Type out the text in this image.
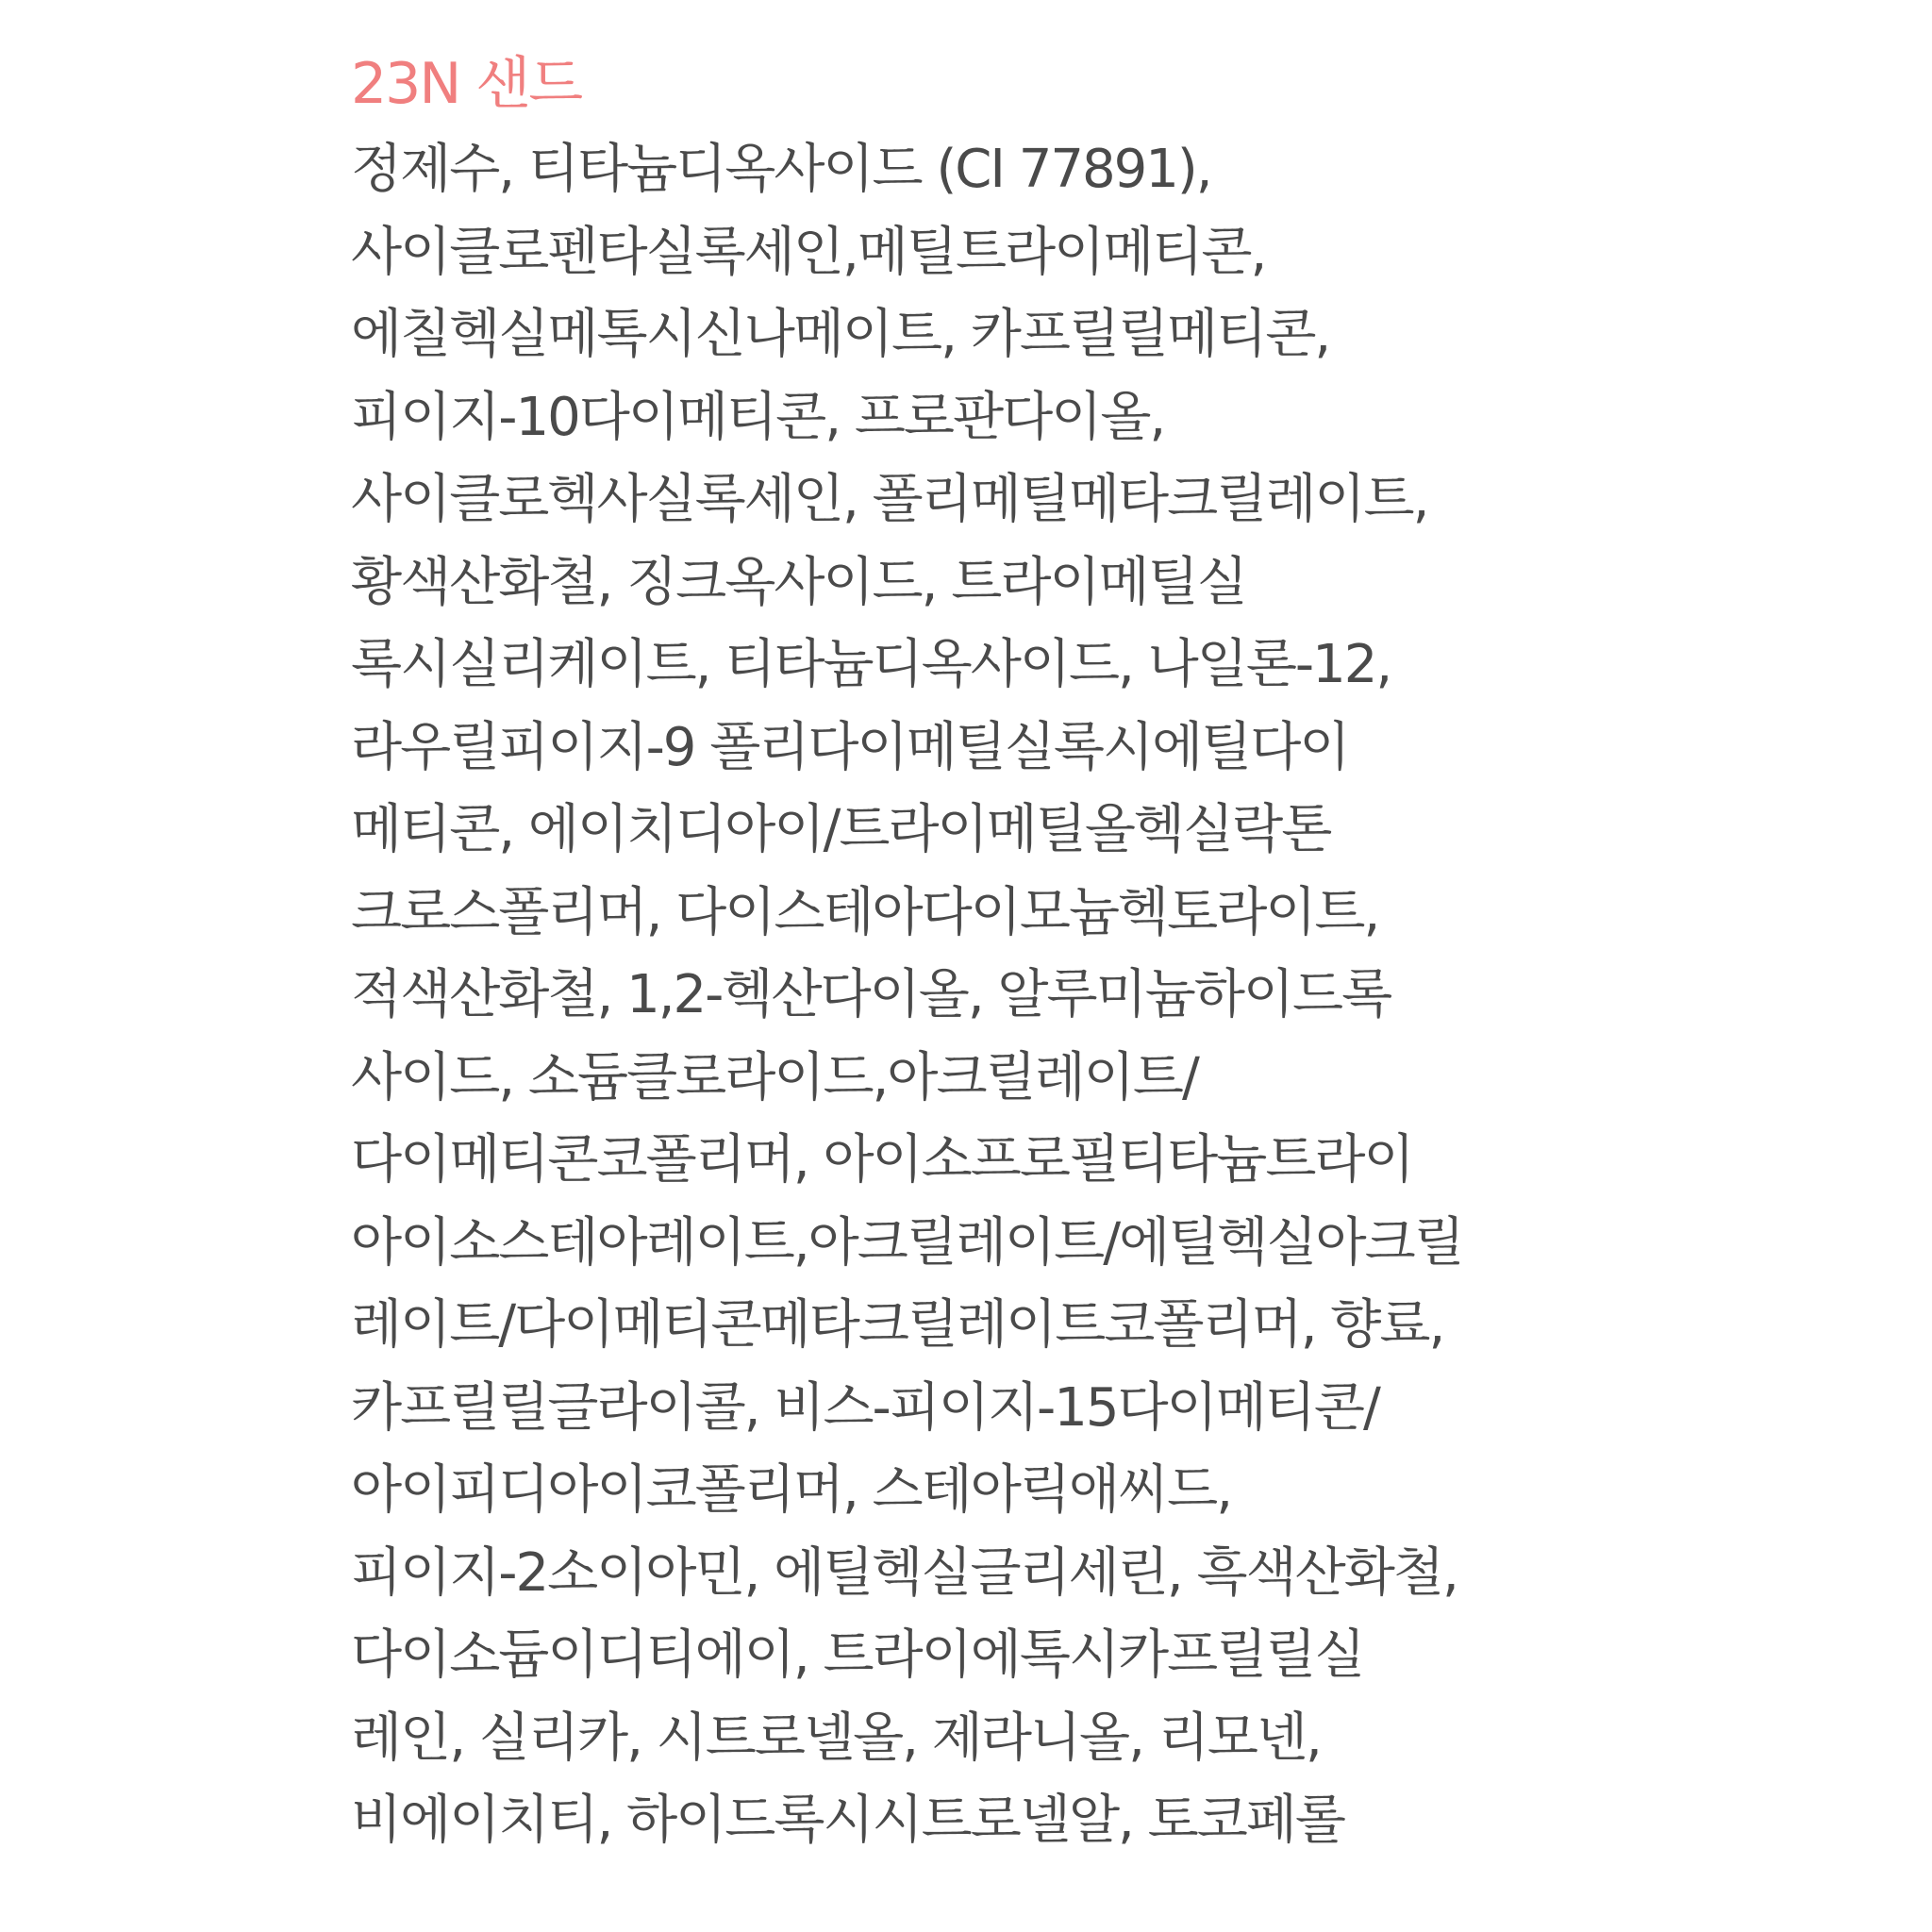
23N 샌드
정제수, 티타늄디옥사이드 (CI 77891),
사이클로펜타실록세인,메틸트라이메티콘,
에칠헥실메톡시신나메이트, 카프릴릴메티콘,
피이지-10다이메티콘, 프로판다이올,
사이클로헥사실록세인, 폴리메틸메타크릴레이트,
황색산화철, 징크옥사이드, 트라이메틸실
록시실리케이트, 티타늄디옥사이드, 나일론-12,
라우릴피이지-9 폴리다이메틸실록시에틸다이
메티콘, 에이치디아이/트라이메틸올헥실락톤
크로스폴리머, 다이스테아다이모늄헥토라이트,
적색산화철, 1,2-헥산다이올, 알루미늄하이드록
사이드, 소듐클로라이드,아크릴레이트/
다이메티콘코폴리머, 아이소프로필티타늄트라이
아이소스테아레이트,아크릴레이트/에틸헥실아크릴
레이트/다이메티콘메타크릴레이트코폴리머, 향료,
카프릴릴글라이콜, 비스-피이지-15다이메티콘/
아이피디아이코폴리머, 스테아릭애씨드,
피이지-2소이아민, 에틸헥실글리세린, 흑색산화철,
다이소듐이디티에이, 트라이에톡시카프릴릴실
레인, 실리카, 시트로넬올, 제라니올, 리모넨,
비에이치티, 하이드록시시트로넬알, 토코페롤
